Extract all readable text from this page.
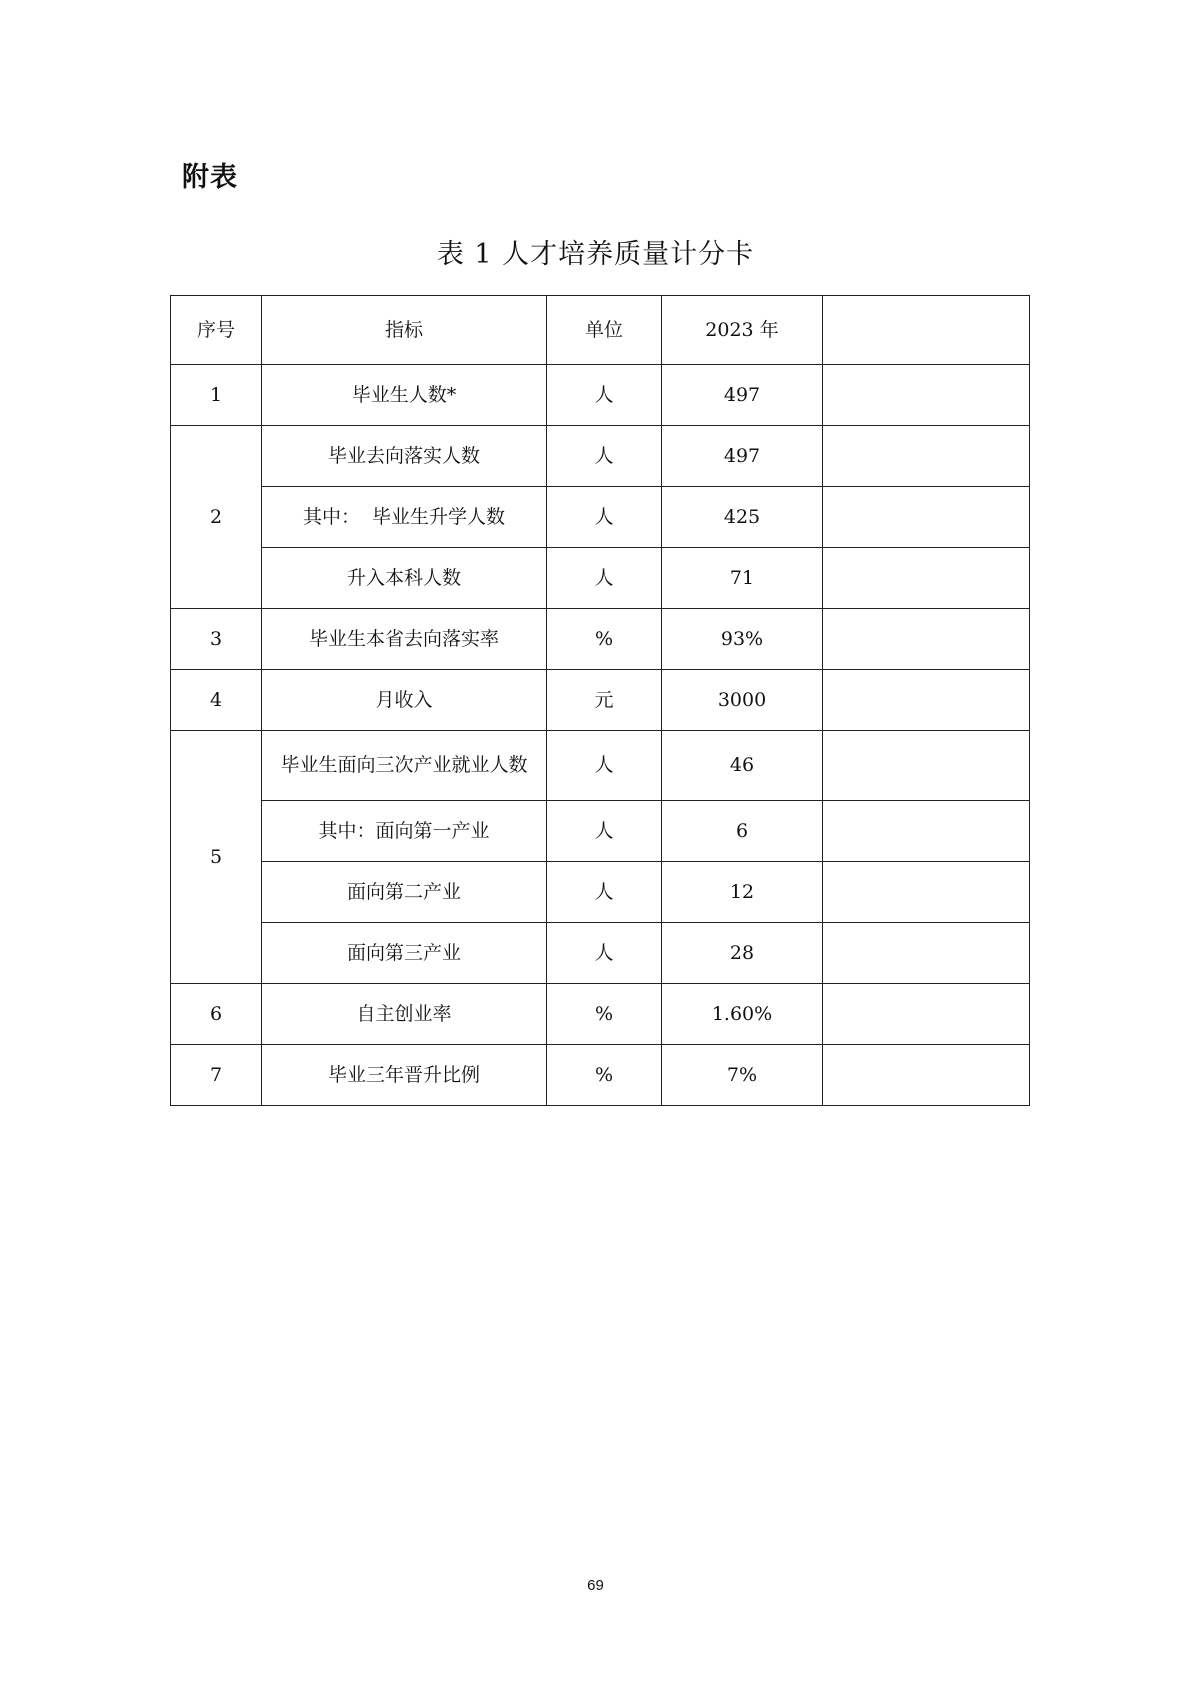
附表
表 1 人才培养质量计分卡
序号	指标	单位	2023 年	
1	毕业生人数*	人	497	
2	毕业去向落实人数	人	497	
	其中：  毕业生升学人数	人	425	
	升入本科人数	人	71	
3	毕业生本省去向落实率	%	93%	
4	月收入	元	3000	
5	毕业生面向三次产业就业人数	人	46	
	其中：面向第一产业	人	6	
	面向第二产业	人	12	
	面向第三产业	人	28	
6	自主创业率	%	1.60%	
7	毕业三年晋升比例	%	7%	
69
